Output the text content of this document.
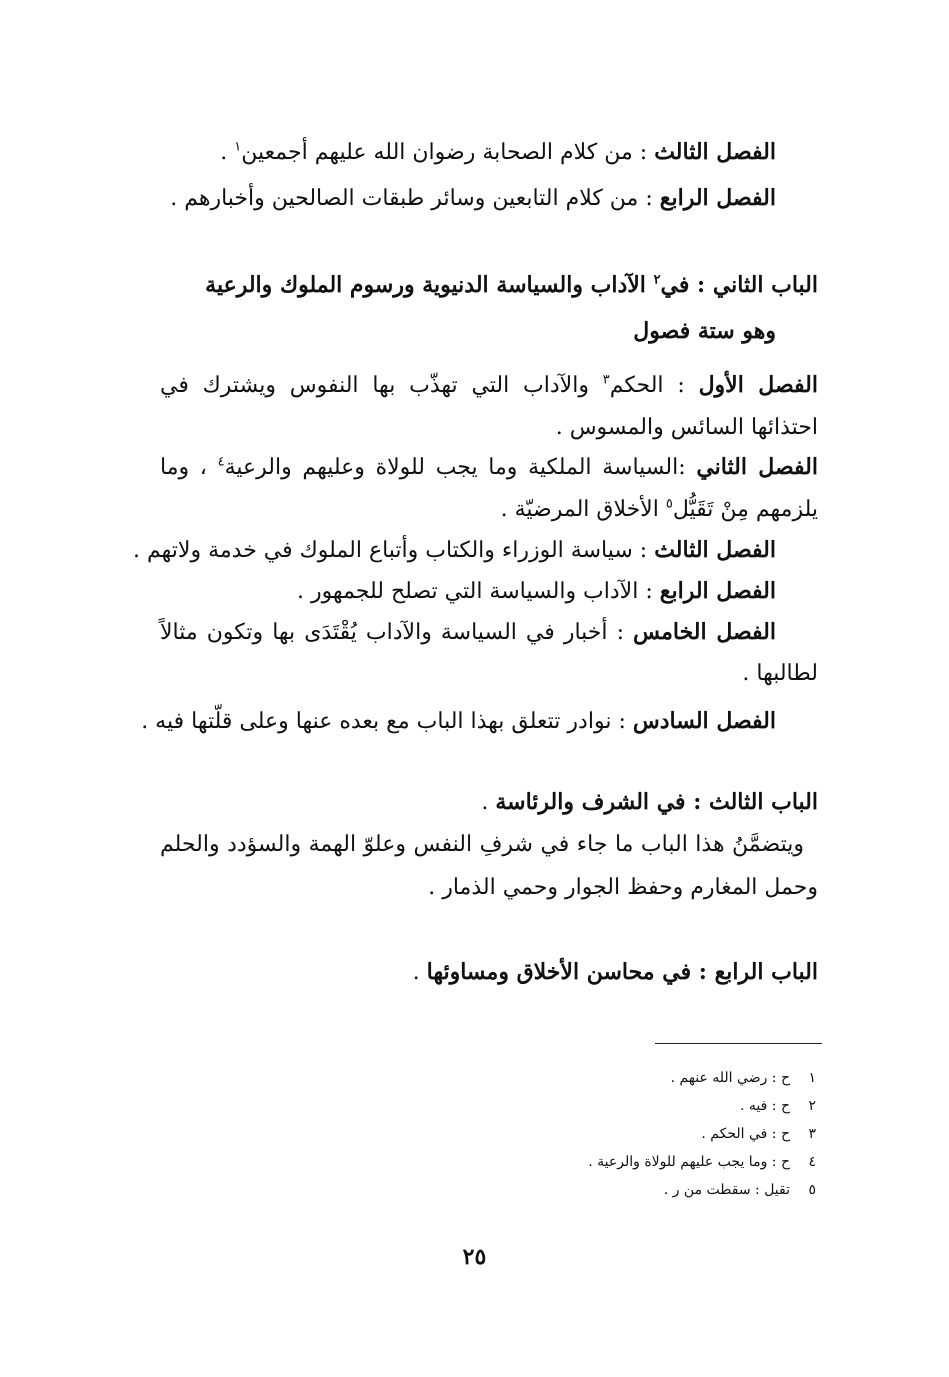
الفصل الثالث : من كلام الصحابة رضوان الله عليهم أجمعين$^١$ .
الفصل الرابع : من كلام التابعين وسائر طبقات الصالحين وأخبارهم .
الباب الثاني : في$^٢$ الآداب والسياسة الدنيوية ورسوم الملوك والرعية
وهو ستة فصول
الفصل الأول : الحكم$^٣$ والآداب التي تهذّب بها النفوس ويشترك في
احتذائها السائس والمسوس .
الفصل الثاني :السياسة الملكية وما يجب للولاة وعليهم والرعية$^٤$ ، وما
يلزمهم مِنْ تَقَيُّل$^٥$ الأخلاق المرضيّة .
الفصل الثالث : سياسة الوزراء والكتاب وأتباع الملوك في خدمة ولاتهم .
الفصل الرابع : الآداب والسياسة التي تصلح للجمهور .
الفصل الخامس : أخبار في السياسة والآداب يُقْتَدَى بها وتكون مثالاً
لطالبها .
الفصل السادس : نوادر تتعلق بهذا الباب مع بعده عنها وعلى قلّتها فيه .
الباب الثالث : في الشرف والرئاسة .
ويتضمَّنُ هذا الباب ما جاء في شرفِ النفس وعلوّ الهمة والسؤدد والحلم
وحمل المغارم وحفظ الجوار وحمي الذمار .
الباب الرابع : في محاسن الأخلاق ومساوئها .
١ح : رضي الله عنهم .
٢ح : فيه .
٣ح : في الحكم .
٤ح : وما يجب عليهم للولاة والرعية .
٥تقيل : سقطت من ر .
٢٥
